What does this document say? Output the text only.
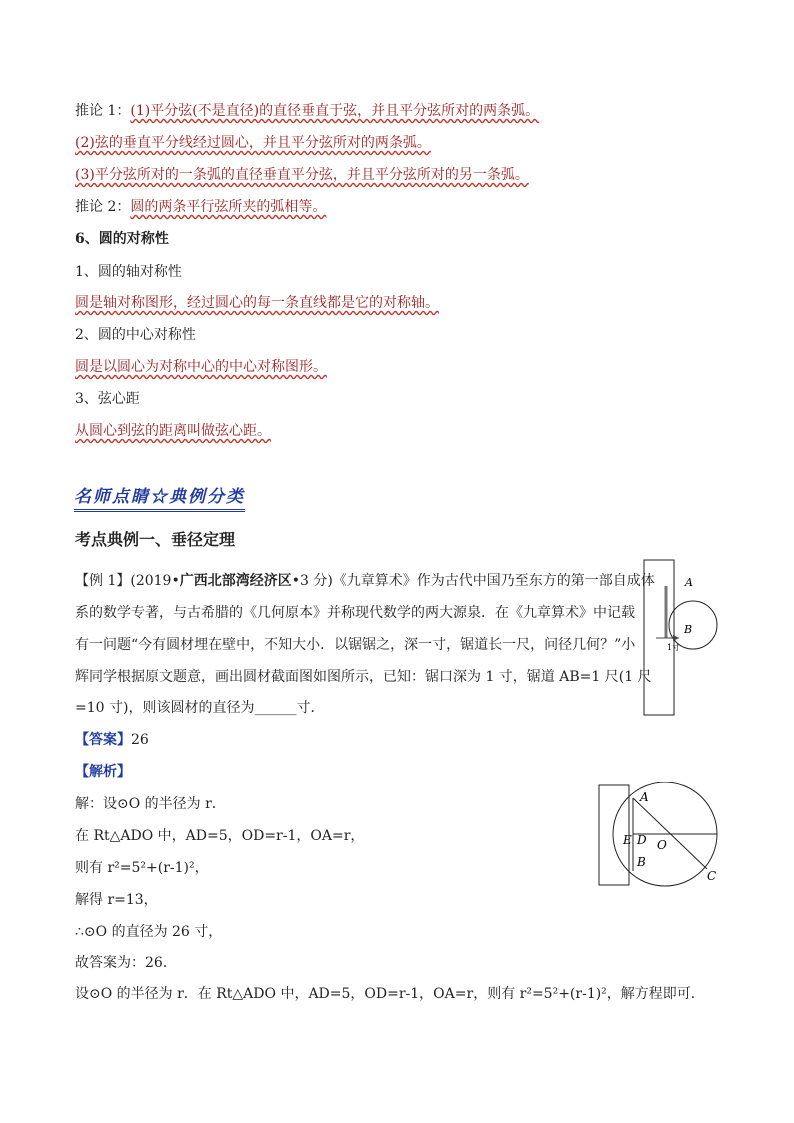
推论 1：(1)平分弦(不是直径)的直径垂直于弦，并且平分弦所对的两条弧。
(2)弦的垂直平分线经过圆心，并且平分弦所对的两条弧。
(3)平分弦所对的一条弧的直径垂直平分弦，并且平分弦所对的另一条弧。
推论 2：圆的两条平行弦所夹的弧相等。
6、圆的对称性
1、圆的轴对称性
圆是轴对称图形，经过圆心的每一条直线都是它的对称轴。
2、圆的中心对称性
圆是以圆心为对称中心的中心对称图形。
3、弦心距
从圆心到弦的距离叫做弦心距。
名师点睛☆典例分类
考点典例一、垂径定理
【例 1】(2019•广西北部湾经济区•3 分)《九章算术》作为古代中国乃至东方的第一部自成体
系的数学专著，与古希腊的《几何原本》并称现代数学的两大源泉．在《九章算术》中记载
有一问题“今有圆材埋在壁中，不知大小．以锯锯之，深一寸，锯道长一尺，问径几何？”小
辉同学根据原文题意，画出圆材截面图如图所示，已知：锯口深为 1 寸，锯道 AB=1 尺(1 尺
=10 寸)，则该圆材的直径为______寸．
A
B
1寸
【答案】26
【解析】
解：设⊙O 的半径为 r．
在 Rt△ADO 中，AD=5，OD=r-1，OA=r，
则有 r²=5²+(r-1)²，
解得 r=13，
∴⊙O 的直径为 26 寸，
故答案为：26．
设⊙O 的半径为 r．在 Rt△ADO 中，AD=5，OD=r-1，OA=r，则有 r²=5²+(r-1)²，解方程即可．
A
E D O
B
C
